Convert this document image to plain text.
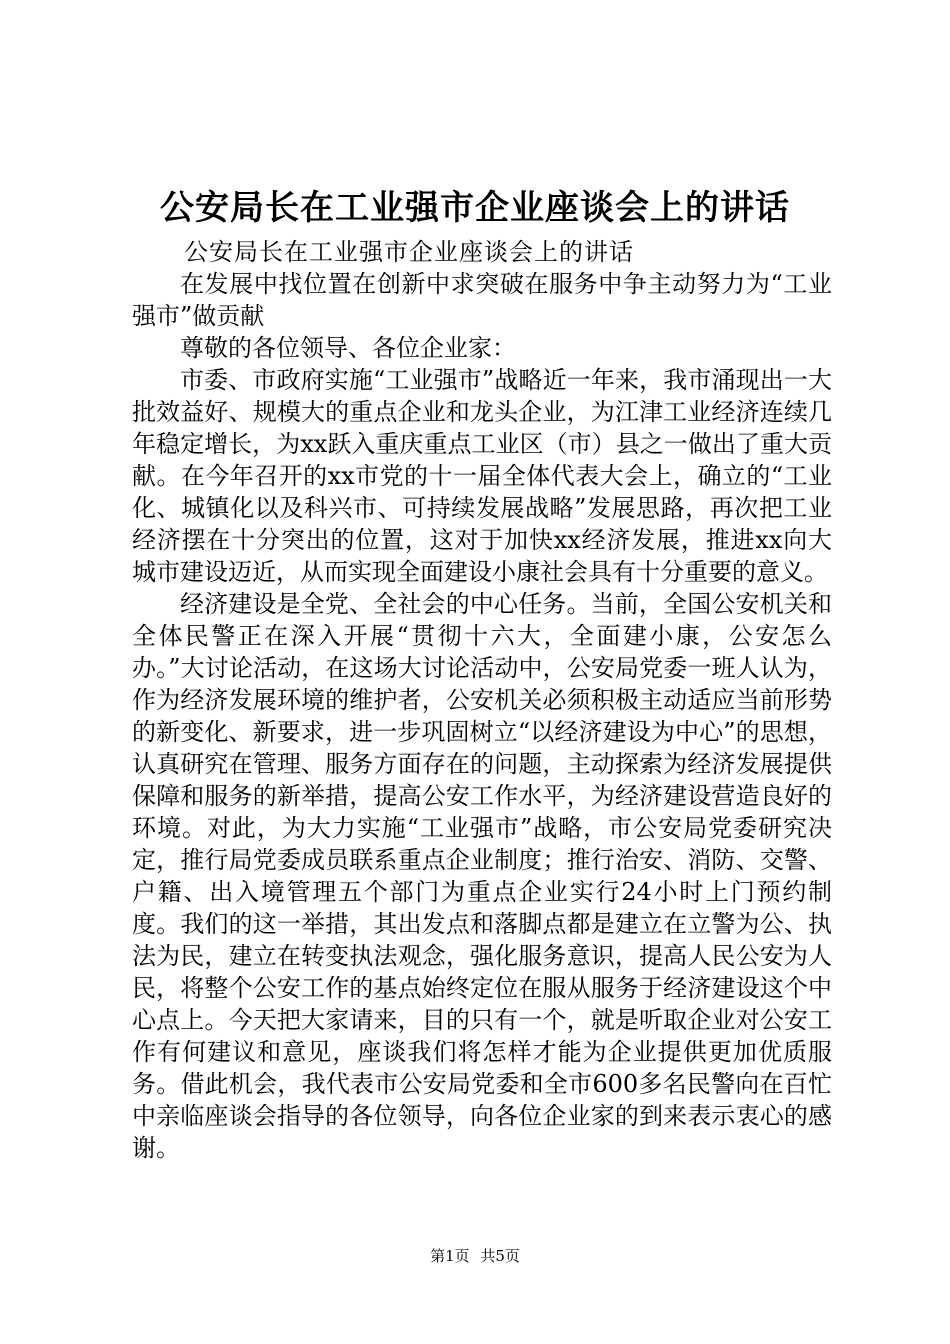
公安局长在工业强市企业座谈会上的讲话

公安局长在工业强市企业座谈会上的讲话

在发展中找位置在创新中求突破在服务中争主动努力为“工业强市”做贡献

尊敬的各位领导、各位企业家：

市委、市政府实施“工业强市”战略近一年来，我市涌现出一大批效益好、规模大的重点企业和龙头企业，为江津工业经济连续几年稳定增长，为xx跃入重庆重点工业区（市）县之一做出了重大贡献。在今年召开的xx市党的十一届全体代表大会上，确立的“工业化、城镇化以及科兴市、可持续发展战略”发展思路，再次把工业经济摆在十分突出的位置，这对于加快xx经济发展，推进xx向大城市建设迈近，从而实现全面建设小康社会具有十分重要的意义。

经济建设是全党、全社会的中心任务。当前，全国公安机关和全体民警正在深入开展“贯彻十六大，全面建小康，公安怎么办。”大讨论活动，在这场大讨论活动中，公安局党委一班人认为，作为经济发展环境的维护者，公安机关必须积极主动适应当前形势的新变化、新要求，进一步巩固树立“以经济建设为中心”的思想，认真研究在管理、服务方面存在的问题，主动探索为经济发展提供保障和服务的新举措，提高公安工作水平，为经济建设营造良好的环境。对此，为大力实施“工业强市”战略，市公安局党委研究决定，推行局党委成员联系重点企业制度；推行治安、消防、交警、户籍、出入境管理五个部门为重点企业实行24小时上门预约制度。我们的这一举措，其出发点和落脚点都是建立在立警为公、执法为民，建立在转变执法观念，强化服务意识，提高人民公安为人民，将整个公安工作的基点始终定位在服从服务于经济建设这个中心点上。今天把大家请来，目的只有一个，就是听取企业对公安工作有何建议和意见，座谈我们将怎样才能为企业提供更加优质服务。借此机会，我代表市公安局党委和全市600多名民警向在百忙中亲临座谈会指导的各位领导，向各位企业家的到来表示衷心的感谢。

第1页 共5页
